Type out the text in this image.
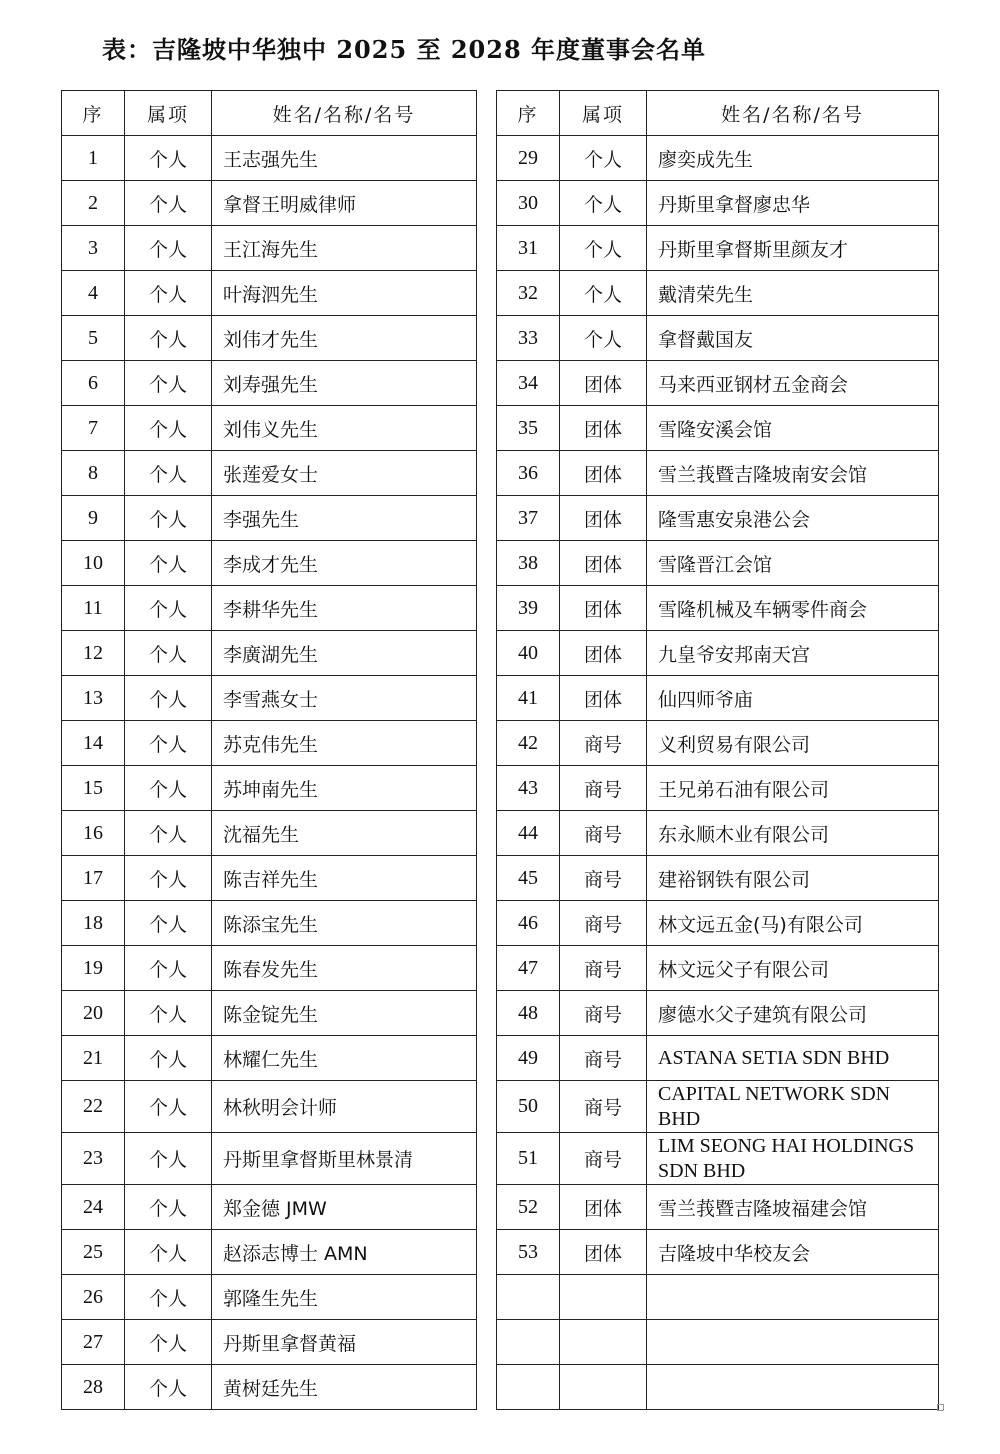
表：吉隆坡中华独中 2025 至 2028 年度董事会名单
序	属项	姓名/名称/名号
1	个人	王志强先生
2	个人	拿督王明威律师
3	个人	王江海先生
4	个人	叶海泗先生
5	个人	刘伟才先生
6	个人	刘寿强先生
7	个人	刘伟义先生
8	个人	张莲爱女士
9	个人	李强先生
10	个人	李成才先生
11	个人	李耕华先生
12	个人	李廣湖先生
13	个人	李雪燕女士
14	个人	苏克伟先生
15	个人	苏坤南先生
16	个人	沈福先生
17	个人	陈吉祥先生
18	个人	陈添宝先生
19	个人	陈春发先生
20	个人	陈金锭先生
21	个人	林耀仁先生
22	个人	林秋明会计师
23	个人	丹斯里拿督斯里林景清
24	个人	郑金德 JMW
25	个人	赵添志博士 AMN
26	个人	郭隆生先生
27	个人	丹斯里拿督黄福
28	个人	黄树廷先生
序	属项	姓名/名称/名号
29	个人	廖奕成先生
30	个人	丹斯里拿督廖忠华
31	个人	丹斯里拿督斯里颜友才
32	个人	戴清荣先生
33	个人	拿督戴国友
34	团体	马来西亚钢材五金商会
35	团体	雪隆安溪会馆
36	团体	雪兰莪暨吉隆坡南安会馆
37	团体	隆雪惠安泉港公会
38	团体	雪隆晋江会馆
39	团体	雪隆机械及车辆零件商会
40	团体	九皇爷安邦南天宫
41	团体	仙四师爷庙
42	商号	义利贸易有限公司
43	商号	王兄弟石油有限公司
44	商号	东永顺木业有限公司
45	商号	建裕钢铁有限公司
46	商号	林文远五金(马)有限公司
47	商号	林文远父子有限公司
48	商号	廖德水父子建筑有限公司
49	商号	ASTANA SETIA SDN BHD
50	商号	CAPITAL NETWORK SDN BHD
51	商号	LIM SEONG HAI HOLDINGS SDN BHD
52	团体	雪兰莪暨吉隆坡福建会馆
53	团体	吉隆坡中华校友会
